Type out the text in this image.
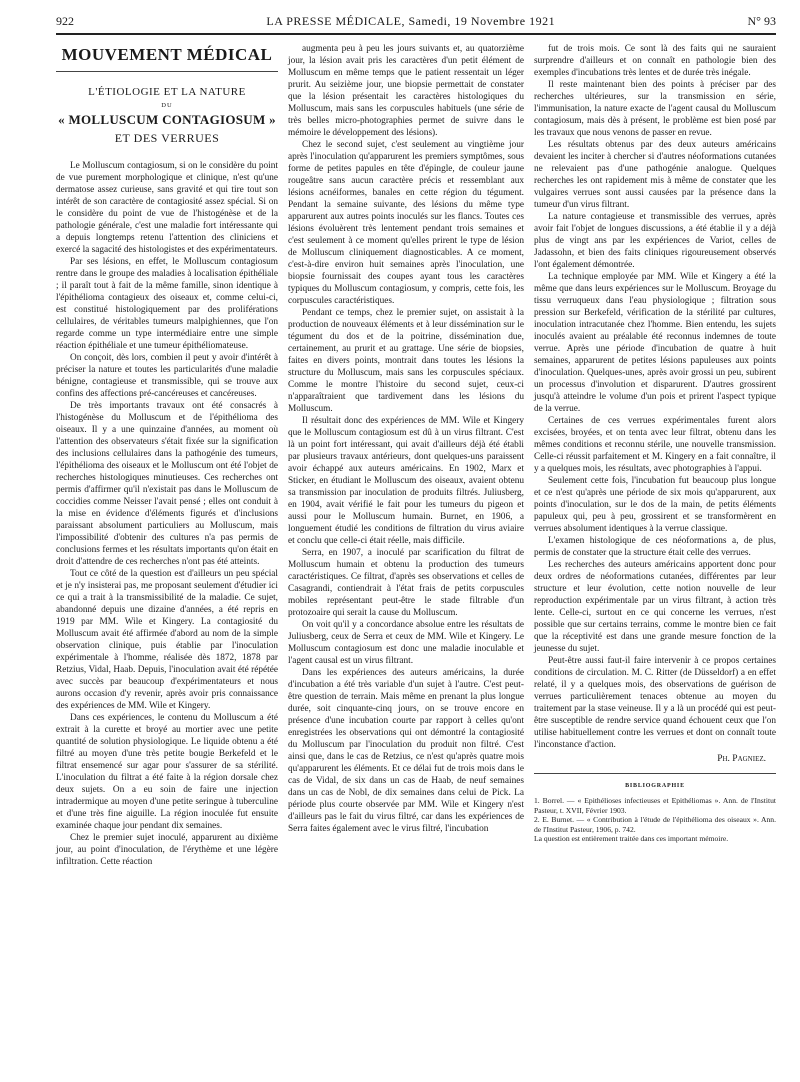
922	LA PRESSE MÉDICALE, Samedi, 19 Novembre 1921	N° 93
MOUVEMENT MÉDICAL
L'ÉTIOLOGIE ET LA NATURE
DU
« MOLLUSCUM CONTAGIOSUM »
ET DES VERRUES

Le Molluscum contagiosum, si on le considère du point de vue purement morphologique et clinique, n'est qu'une dermatose assez curieuse, sans gravité et qui tire tout son intérêt de son caractère de contagiosité assez spécial. Si on le considère du point de vue de l'histogénèse et de la pathologie générale, c'est une maladie fort intéressante qui a depuis longtemps retenu l'attention des cliniciens et exercé la sagacité des histologistes et des expérimentateurs.

Par ses lésions, en effet, le Molluscum contagiosum rentre dans le groupe des maladies à localisation épithéliale ; il paraît tout à fait de la même famille, sinon identique à l'épithélioma contagieux des oiseaux et, comme celui-ci, est constitué histologiquement par des proliférations cellulaires, de véritables tumeurs malpighiennes, que l'on regarde comme un type intermédiaire entre une simple réaction épithéliale et une tumeur épithéliomateuse.

On conçoit, dès lors, combien il peut y avoir d'intérêt à préciser la nature et toutes les particularités d'une maladie bénigne, contagieuse et transmissible, qui se trouve aux confins des affections pré-cancéreuses et cancéreuses.

De très importants travaux ont été consacrés à l'histogénèse du Molluscum et de l'épithélioma des oiseaux. Il y a une quinzaine d'années, au moment où l'attention des observateurs s'était fixée sur la signification des inclusions cellulaires dans la pathogénie des tumeurs, l'épithélioma des oiseaux et le Molluscum ont été l'objet de recherches histologiques minutieuses. Ces recherches ont permis d'affirmer qu'il n'existait pas dans le Molluscum de coccidies comme Neisser l'avait pensé ; elles ont conduit à la mise en évidence d'éléments figurés et d'inclusions paraissant absolument particuliers au Molluscum, mais l'impossibilité d'obtenir des cultures n'a pas permis de conclusions fermes et les résultats importants qu'on était en droit d'attendre de ces recherches n'ont pas été atteints.

Tout ce côté de la question est d'ailleurs un peu spécial et je n'y insisterai pas, me proposant seulement d'étudier ici ce qui a trait à la transmissibilité de la maladie. Ce sujet, abandonné depuis une dizaine d'années, a été repris en 1919 par MM. Wile et Kingery. La contagiosité du Molluscum avait été affirmée d'abord au nom de la simple observation clinique, puis établie par l'inoculation expérimentale à l'homme, réalisée dès 1872, 1878 par Retzius, Vidal, Haab. Depuis, l'inoculation avait été répétée avec succès par beaucoup d'expérimentateurs et nous aurons occasion d'y revenir, après avoir pris connaissance des expériences de MM. Wile et Kingery.

Dans ces expériences, le contenu du Molluscum a été extrait à la curette et broyé au mortier avec une petite quantité de solution physiologique. Le liquide obtenu a été filtré au moyen d'une très petite bougie Berkefeld et le filtrat ensemencé sur agar pour s'assurer de sa stérilité. L'inoculation du filtrat a été faite à la région dorsale chez deux sujets. On a eu soin de faire une injection intradermique au moyen d'une petite seringue à tuberculine et d'une très fine aiguille. La région inoculée fut ensuite examinée chaque jour pendant dix semaines.

Chez le premier sujet inoculé, apparurent au dixième jour, au point d'inoculation, de l'érythème et une légère infiltration. Cette réaction

augmenta peu à peu les jours suivants et, au quatorzième jour, la lésion avait pris les caractères d'un petit élément de Molluscum en même temps que le patient ressentait un léger prurit. Au seizième jour, une biopsie permettait de constater que la lésion présentait les caractères histologiques du Molluscum, mais sans les corpuscules habituels (une série de très belles micro-photographies permet de suivre dans le mémoire le développement des lésions).

Chez le second sujet, c'est seulement au vingtième jour après l'inoculation qu'apparurent les premiers symptômes, sous forme de petites papules en tête d'épingle, de couleur jaune rougeâtre sans aucun caractère précis et ressemblant aux lésions acnéiformes, banales en cette région du tégument. Pendant la semaine suivante, des lésions du même type apparurent aux autres points inoculés sur les flancs. Toutes ces lésions évoluèrent très lentement pendant trois semaines et c'est seulement à ce moment qu'elles prirent le type de lésion de Molluscum cliniquement diagnosticables. A ce moment, c'est-à-dire environ huit semaines après l'inoculation, une biopsie fournissait des coupes ayant tous les caractères typiques du Molluscum contagiosum, y compris, cette fois, les corpuscules caractéristiques.

Pendant ce temps, chez le premier sujet, on assistait à la production de nouveaux éléments et à leur dissémination sur le tégument du dos et de la poitrine, dissémination due, certainement, au prurit et au grattage. Une série de biopsies, faites en divers points, montrait dans toutes les lésions la structure du Molluscum, mais sans les corpuscules spéciaux. Comme le montre l'histoire du second sujet, ceux-ci n'apparaîtraient que tardivement dans les lésions du Molluscum.

Il résultait donc des expériences de MM. Wile et Kingery que le Molluscum contagiosum est dû à un virus filtrant. C'est là un point fort intéressant, qui avait d'ailleurs déjà été établi par plusieurs travaux antérieurs, dont quelques-uns paraissent avoir échappé aux auteurs américains. En 1902, Marx et Sticker, en étudiant le Molluscum des oiseaux, avaient obtenu sa transmission par inoculation de produits filtrés. Juliusberg, en 1904, avait vérifié le fait pour les tumeurs du pigeon et aussi pour le Molluscum humain. Burnet, en 1906, a longuement étudié les conditions de filtration du virus aviaire et conclu que celle-ci était réelle, mais difficile.

Serra, en 1907, a inoculé par scarification du filtrat de Molluscum humain et obtenu la production des tumeurs caractéristiques. Ce filtrat, d'après ses observations et celles de Casagrandi, contiendrait à l'état frais de petits corpuscules mobiles représentant peut-être le stade filtrable d'un protozoaire qui serait la cause du Molluscum.

On voit qu'il y a concordance absolue entre les résultats de Juliusberg, ceux de Serra et ceux de MM. Wile et Kingery. Le Molluscum contagiosum est donc une maladie inoculable et l'agent causal est un virus filtrant.

Dans les expériences des auteurs américains, la durée d'incubation a été très variable d'un sujet à l'autre. C'est peut-être question de terrain. Mais même en prenant la plus longue durée, soit cinquante-cinq jours, on se trouve encore en présence d'une incubation courte par rapport à celles qu'ont enregistrées les observations qui ont démontré la contagiosité du Molluscum par l'inoculation du produit non filtré. C'est ainsi que, dans le cas de Retzius, ce n'est qu'après quatre mois qu'apparurent les éléments. Et ce délai fut de trois mois dans le cas de Vidal, de six dans un cas de Haab, de neuf semaines dans un cas de Nobl, de dix semaines dans celui de Pick. La période plus courte observée par MM. Wile et Kingery n'est d'ailleurs pas le fait du virus filtré, car dans les expériences de Serra faites également avec le virus filtré, l'incubation

fut de trois mois. Ce sont là des faits qui ne sauraient surprendre d'ailleurs et on connaît en pathologie bien des exemples d'incubations très lentes et de durée très inégale.

Il reste maintenant bien des points à préciser par des recherches ultérieures, sur la transmission en série, l'immunisation, la nature exacte de l'agent causal du Molluscum contagiosum, mais dès à présent, le problème est bien posé par les travaux que nous venons de passer en revue.

Les résultats obtenus par des deux auteurs américains devaient les inciter à chercher si d'autres néoformations cutanées ne relevaient pas d'une pathogénie analogue. Quelques recherches les ont rapidement mis à même de constater que les vulgaires verrues sont aussi causées par la présence dans la tumeur d'un virus filtrant.

La nature contagieuse et transmissible des verrues, après avoir fait l'objet de longues discussions, a été établie il y a déjà plus de vingt ans par les expériences de Variot, celles de Jadassohn, et bien des faits cliniques rigoureusement observés l'ont également démontrée.

La technique employée par MM. Wile et Kingery a été la même que dans leurs expériences sur le Molluscum. Broyage du tissu verruqueux dans l'eau physiologique ; filtration sous pression sur Berkefeld, vérification de la stérilité par cultures, inoculation intracutanée chez l'homme. Bien entendu, les sujets inoculés avaient au préalable été reconnus indemnes de toute verrue. Après une période d'incubation de quatre à huit semaines, apparurent de petites lésions papuleuses aux points d'inoculation. Quelques-unes, après avoir grossi un peu, subirent un processus d'involution et disparurent. D'autres grossirent jusqu'à atteindre le volume d'un pois et prirent l'aspect typique de la verrue.

Certaines de ces verrues expérimentales furent alors excisées, broyées, et on tenta avec leur filtrat, obtenu dans les mêmes conditions et reconnu stérile, une nouvelle transmission. Celle-ci réussit parfaitement et M. Kingery en a fait connaître, il y a quelques mois, les résultats, avec photographies à l'appui.

Seulement cette fois, l'incubation fut beaucoup plus longue et ce n'est qu'après une période de six mois qu'apparurent, aux points d'inoculation, sur le dos de la main, de petits éléments papuleux qui, peu à peu, grossirent et se transformèrent en verrues absolument identiques à la verrue classique.

L'examen histologique de ces néoformations a, de plus, permis de constater que la structure était celle des verrues.

Les recherches des auteurs américains apportent donc pour deux ordres de néoformations cutanées, différentes par leur structure et leur évolution, cette notion nouvelle de leur reproduction expérimentale par un virus filtrant, à action très lente. Celle-ci, surtout en ce qui concerne les verrues, n'est possible que sur certains terrains, comme le montre bien ce fait que la réceptivité est dans une grande mesure fonction de la jeunesse du sujet.

Peut-être aussi faut-il faire intervenir à ce propos certaines conditions de circulation. M. C. Ritter (de Düsseldorf) a en effet relaté, il y a quelques mois, des observations de guérison de verrues particulièrement tenaces obtenue au moyen du traitement par la stase veineuse. Il y a là un procédé qui est peut-être susceptible de rendre service quand échouent ceux que l'on utilise habituellement contre les verrues et dont on connaît toute l'inconstance d'action.

Ph. Pagniez.
BIBLIOGRAPHIE

1. Borrel. — « Epithélioses infectieuses et Epithéliomas ». Ann. de l'Institut Pasteur, t. XVII, Février 1903.

2. E. Burnet. — « Contribution à l'étude de l'épithélioma des oiseaux ». Ann. de l'Institut Pasteur, 1906, p. 742.

La question est entièrement traitée dans ces important mémoire.
